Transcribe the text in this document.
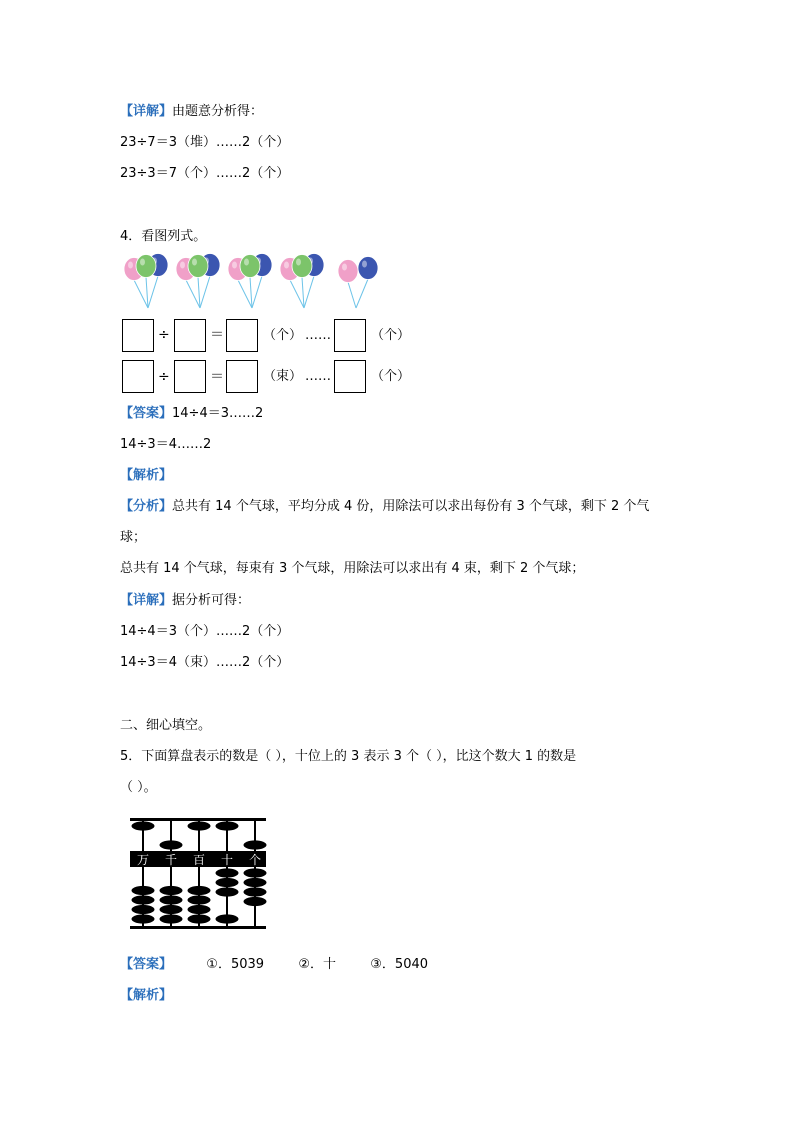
【详解】由题意分析得：
23÷7＝3（堆）……2（个）
23÷3＝7（个）……2（个）
4．看图列式。
÷	＝	（个） ……	（个）
÷	＝	（束） ……	（个）
【答案】14÷4＝3……2
14÷3＝4……2
【解析】
【分析】总共有 14 个气球，平均分成 4 份，用除法可以求出每份有 3 个气球，剩下 2 个气
球；
总共有 14 个气球，每束有 3 个气球，用除法可以求出有 4 束，剩下 2 个气球；
【详解】据分析可得：
14÷4＝3（个）……2（个）
14÷3＝4（束）……2（个）
二、细心填空。
5．下面算盘表示的数是（ ），十位上的 3 表示 3 个（ ），比这个数大 1 的数是
（ ）。
万 千 百 十 个
【答案】	①．5039	②．十	③．5040
【解析】
